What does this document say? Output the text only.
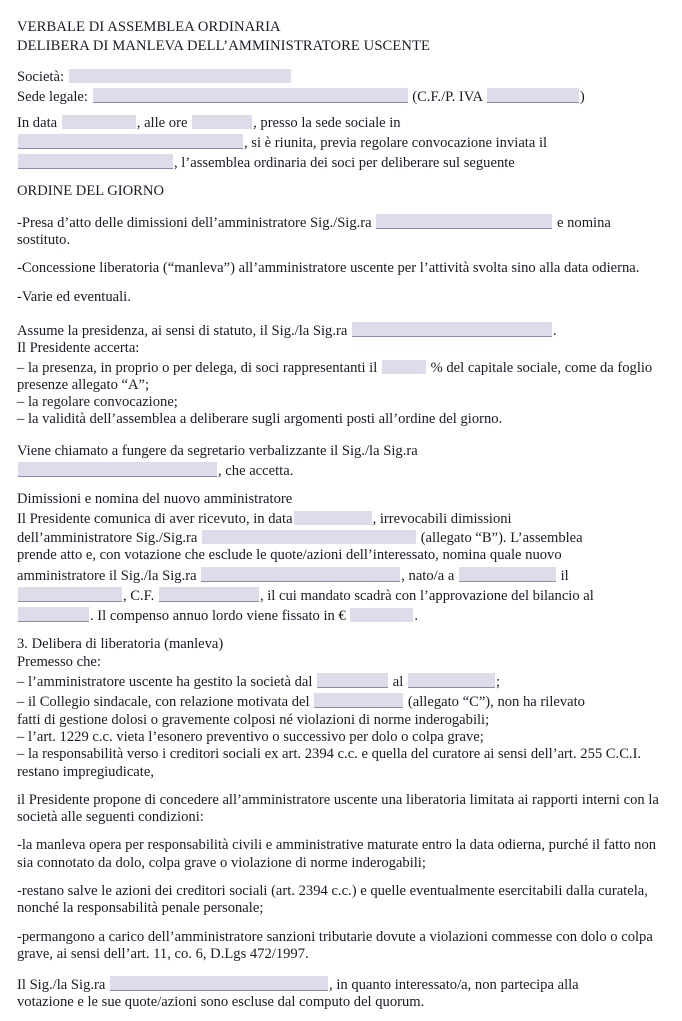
VERBALE DI ASSEMBLEA ORDINARIA
DELIBERA DI MANLEVA DELL’AMMINISTRATORE USCENTE
Società:
Sede legale:	(C.F./P. IVA	)
In data	, alle ore	, presso la sede sociale in
, si è riunita, previa regolare convocazione inviata il
, l’assemblea ordinaria dei soci per deliberare sul seguente
ORDINE DEL GIORNO
-Presa d’atto delle dimissioni dell’amministratore Sig./Sig.ra	e nomina sostituto.
-Concessione liberatoria (“manleva”) all’amministratore uscente per l’attività svolta sino alla data odierna.
-Varie ed eventuali.
Assume la presidenza, ai sensi di statuto, il Sig./la Sig.ra	.
Il Presidente accerta:
– la presenza, in proprio o per delega, di soci rappresentanti il	% del capitale sociale, come da foglio presenze allegato “A”;
– la regolare convocazione;
– la validità dell’assemblea a deliberare sugli argomenti posti all’ordine del giorno.
Viene chiamato a fungere da segretario verbalizzante il Sig./la Sig.ra
, che accetta.
Dimissioni e nomina del nuovo amministratore
Il Presidente comunica di aver ricevuto, in data	, irrevocabili dimissioni
dell’amministratore Sig./Sig.ra	(allegato “B”). L’assemblea
prende atto e, con votazione che esclude le quote/azioni dell’interessato, nomina quale nuovo
amministratore il Sig./la Sig.ra	, nato/a a	il
, C.F.	, il cui mandato scadrà con l’approvazione del bilancio al
. Il compenso annuo lordo viene fissato in €	.
3. Delibera di liberatoria (manleva)
Premesso che:
– l’amministratore uscente ha gestito la società dal	al	;
– il Collegio sindacale, con relazione motivata del	(allegato “C”), non ha rilevato
fatti di gestione dolosi o gravemente colposi né violazioni di norme inderogabili;
– l’art. 1229 c.c. vieta l’esonero preventivo o successivo per dolo o colpa grave;
– la responsabilità verso i creditori sociali ex art. 2394 c.c. e quella del curatore ai sensi dell’art. 255 C.C.I. restano impregiudicate,
il Presidente propone di concedere all’amministratore uscente una liberatoria limitata ai rapporti interni con la società alle seguenti condizioni:
-la manleva opera per responsabilità civili e amministrative maturate entro la data odierna, purché il fatto non sia connotato da dolo, colpa grave o violazione di norme inderogabili;
-restano salve le azioni dei creditori sociali (art. 2394 c.c.) e quelle eventualmente esercitabili dalla curatela, nonché la responsabilità penale personale;
-permangono a carico dell’amministratore sanzioni tributarie dovute a violazioni commesse con dolo o colpa grave, ai sensi dell’art. 11, co. 6, D.Lgs 472/1997.
Il Sig./la Sig.ra	, in quanto interessato/a, non partecipa alla
votazione e le sue quote/azioni sono escluse dal computo del quorum.
